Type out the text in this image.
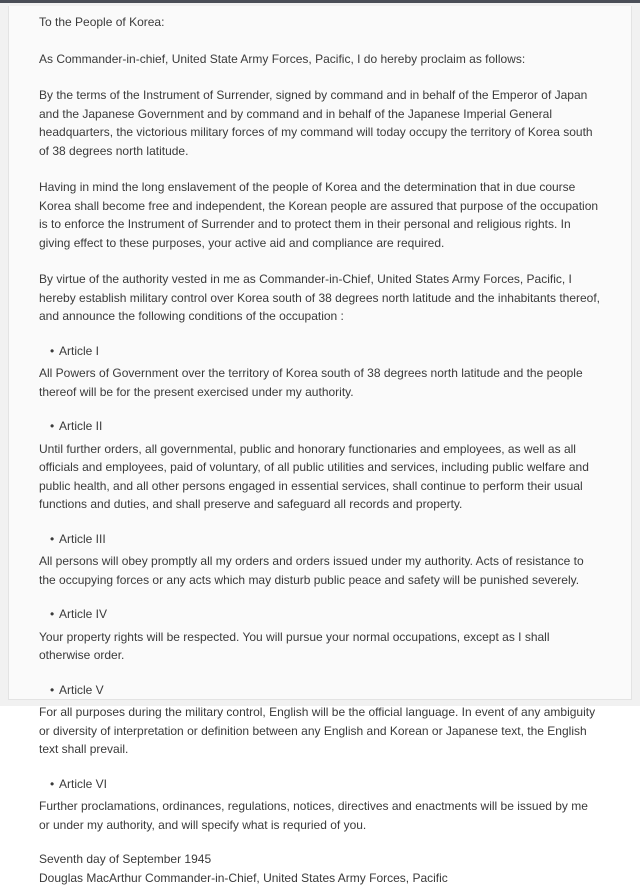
To the People of Korea:

As Commander-in-chief, United State Army Forces, Pacific, I do hereby proclaim as follows:

By the terms of the Instrument of Surrender, signed by command and in behalf of the Emperor of Japan and the Japanese Government and by command and in behalf of the Japanese Imperial General headquarters, the victorious military forces of my command will today occupy the territory of Korea south of 38 degrees north latitude.

Having in mind the long enslavement of the people of Korea and the determination that in due course Korea shall become free and independent, the Korean people are assured that purpose of the occupation is to enforce the Instrument of Surrender and to protect them in their personal and religious rights. In giving effect to these purposes, your active aid and compliance are required.

By virtue of the authority vested in me as Commander-in-Chief, United States Army Forces, Pacific, I hereby establish military control over Korea south of 38 degrees north latitude and the inhabitants thereof, and announce the following conditions of the occupation :

• Article I

All Powers of Government over the territory of Korea south of 38 degrees north latitude and the people thereof will be for the present exercised under my authority.

• Article II

Until further orders, all governmental, public and honorary functionaries and employees, as well as all officials and employees, paid of voluntary, of all public utilities and services, including public welfare and public health, and all other persons engaged in essential services, shall continue to perform their usual functions and duties, and shall preserve and safeguard all records and property.

• Article III

All persons will obey promptly all my orders and orders issued under my authority. Acts of resistance to the occupying forces or any acts which may disturb public peace and safety will be punished severely.

• Article IV

Your property rights will be respected. You will pursue your normal occupations, except as I shall otherwise order.

• Article V

For all purposes during the military control, English will be the official language. In event of any ambiguity or diversity of interpretation or definition between any English and Korean or Japanese text, the English text shall prevail.

• Article VI

Further proclamations, ordinances, regulations, notices, directives and enactments will be issued by me or under my authority, and will specify what is requried of you.

Seventh day of September 1945

Douglas MacArthur Commander-in-Chief, United States Army Forces, Pacific
